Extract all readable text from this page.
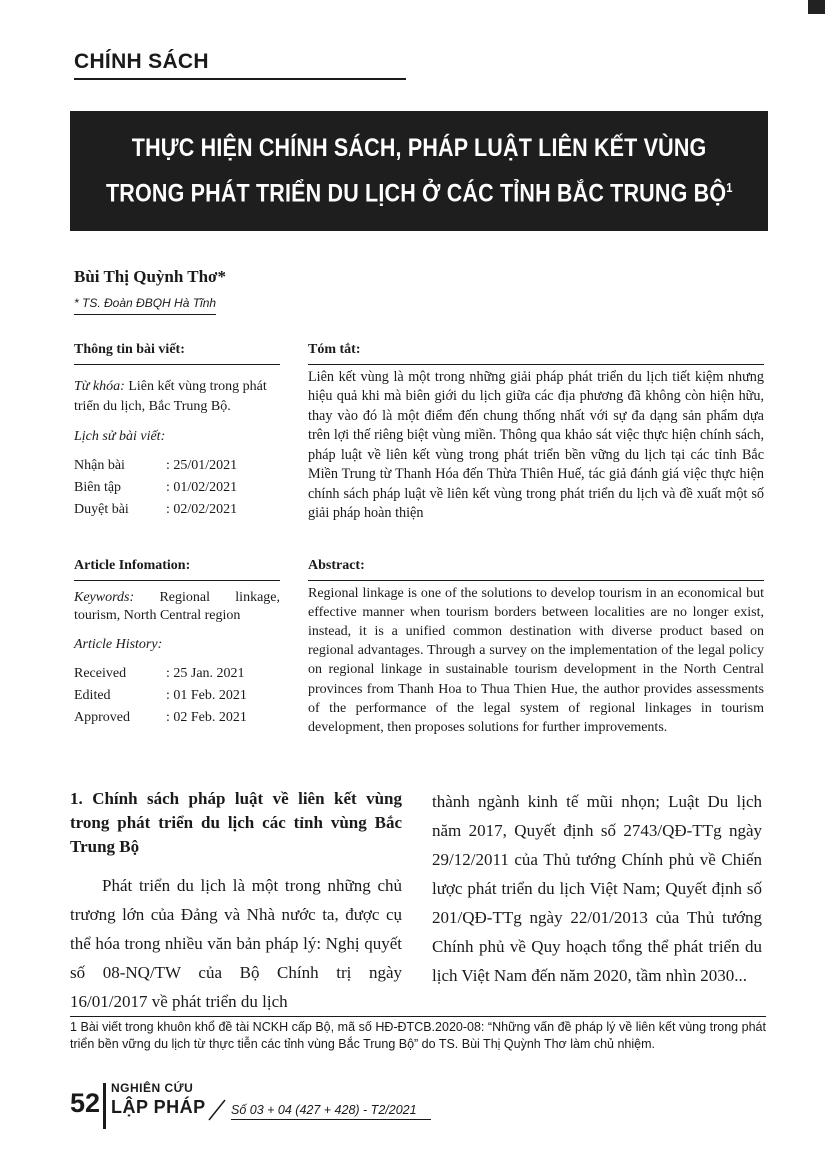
CHÍNH SÁCH
THỰC HIỆN CHÍNH SÁCH, PHÁP LUẬT LIÊN KẾT VÙNG
TRONG PHÁT TRIỂN DU LỊCH Ở CÁC TỈNH BẮC TRUNG BỘ$^1$
Bùi Thị Quỳnh Thơ*
* TS. Đoàn ĐBQH Hà Tĩnh
Thông tin bài viết:
Từ khóa: Liên kết vùng trong phát triển du lịch, Bắc Trung Bộ.
Lịch sử bài viết:
Nhận bài	: 25/01/2021
Biên tập	: 01/02/2021
Duyệt bài	: 02/02/2021
Tóm tắt:
Liên kết vùng là một trong những giải pháp phát triển du lịch tiết kiệm nhưng hiệu quả khi mà biên giới du lịch giữa các địa phương đã không còn hiện hữu, thay vào đó là một điểm đến chung thống nhất với sự đa dạng sản phẩm dựa trên lợi thế riêng biệt vùng miền. Thông qua khảo sát việc thực hiện chính sách, pháp luật về liên kết vùng trong phát triển bền vững du lịch tại các tỉnh Bắc Miền Trung từ Thanh Hóa đến Thừa Thiên Huế, tác giả đánh giá việc thực hiện chính sách pháp luật về liên kết vùng trong phát triển du lịch và đề xuất một số giải pháp hoàn thiện
Article Infomation:
Keywords: Regional linkage, tourism, North Central region
Article History:
Received	: 25 Jan. 2021
Edited	: 01 Feb. 2021
Approved	: 02 Feb. 2021
Abstract:
Regional linkage is one of the solutions to develop tourism in an economical but effective manner when tourism borders between localities are no longer exist, instead, it is a unified common destination with diverse product based on regional advantages. Through a survey on the implementation of the legal policy on regional linkage in sustainable tourism development in the North Central provinces from Thanh Hoa to Thua Thien Hue, the author provides assessments of the performance of the legal system of regional linkages in tourism development, then proposes solutions for further improvements.
1. Chính sách pháp luật về liên kết vùng trong phát triển du lịch các tỉnh vùng Bắc Trung Bộ
Phát triển du lịch là một trong những chủ trương lớn của Đảng và Nhà nước ta, được cụ thể hóa trong nhiều văn bản pháp lý: Nghị quyết số 08-NQ/TW của Bộ Chính trị ngày 16/01/2017 về phát triển du lịch
thành ngành kinh tế mũi nhọn; Luật Du lịch năm 2017, Quyết định số 2743/QĐ-TTg ngày 29/12/2011 của Thủ tướng Chính phủ về Chiến lược phát triển du lịch Việt Nam; Quyết định số 201/QĐ-TTg ngày 22/01/2013 của Thủ tướng Chính phủ về Quy hoạch tổng thể phát triển du lịch Việt Nam đến năm 2020, tầm nhìn 2030...
1 Bài viết trong khuôn khổ đề tài NCKH cấp Bộ, mã số HĐ-ĐTCB.2020-08: “Những vấn đề pháp lý về liên kết vùng trong phát triển bền vững du lịch từ thực tiễn các tỉnh vùng Bắc Trung Bộ” do TS. Bùi Thị Quỳnh Thơ làm chủ nhiệm.
52 NGHIÊN CỨU
LẬP PHÁP Số 03 + 04 (427 + 428) - T2/2021
